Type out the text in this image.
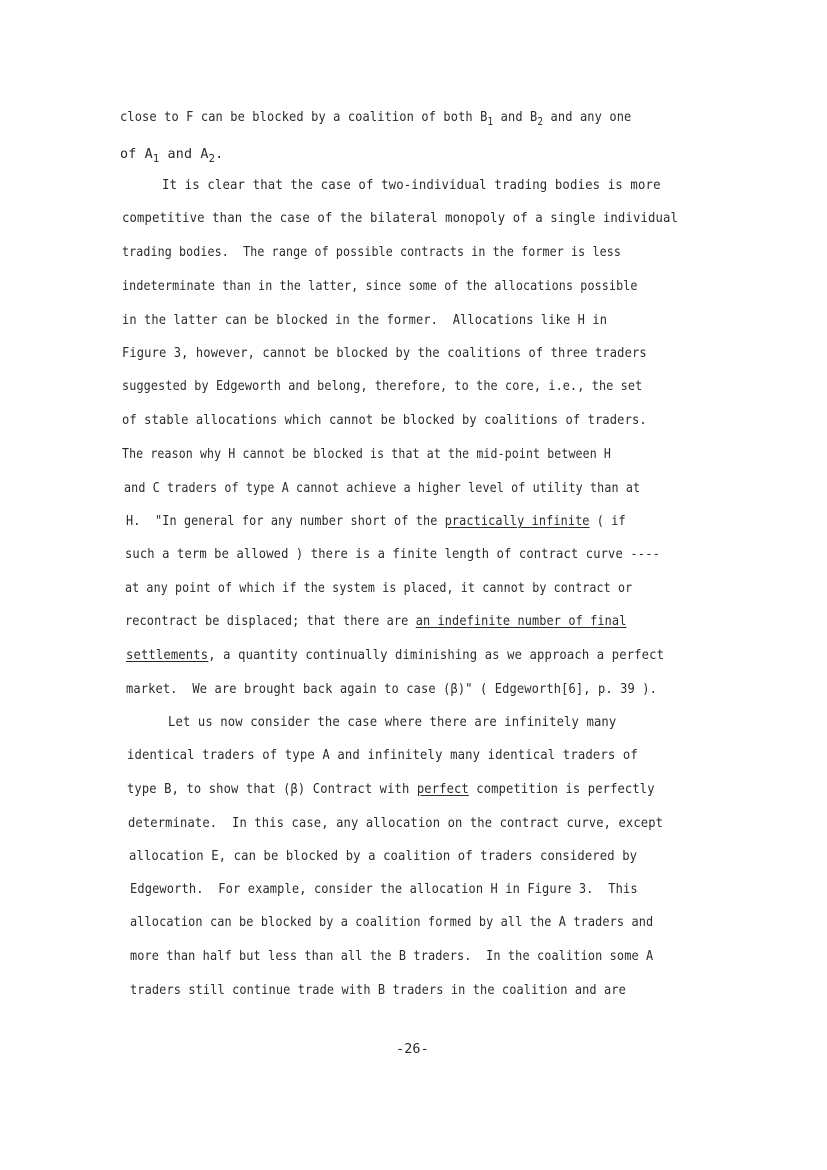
close to F can be blocked by a coalition of both $B_1$ and $B_2$ and any one
of $A_1$ and $A_2$.
It is clear that the case of two-individual trading bodies is more
competitive than the case of the bilateral monopoly of a single individual
trading bodies.  The range of possible contracts in the former is less
indeterminate than in the latter, since some of the allocations possible
in the latter can be blocked in the former.  Allocations like H in
Figure 3, however, cannot be blocked by the coalitions of three traders
suggested by Edgeworth and belong, therefore, to the core, i.e., the set
of stable allocations which cannot be blocked by coalitions of traders.
The reason why H cannot be blocked is that at the mid-point between H
and C traders of type A cannot achieve a higher level of utility than at
H.  "In general for any number short of the practically infinite ( if
such a term be allowed ) there is a finite length of contract curve ----
at any point of which if the system is placed, it cannot by contract or
recontract be displaced; that there are an indefinite number of final
settlements, a quantity continually diminishing as we approach a perfect
market.  We are brought back again to case (β)" ( Edgeworth[6], p. 39 ).
Let us now consider the case where there are infinitely many
identical traders of type A and infinitely many identical traders of
type B, to show that (β) Contract with perfect competition is perfectly
determinate.  In this case, any allocation on the contract curve, except
allocation E, can be blocked by a coalition of traders considered by
Edgeworth.  For example, consider the allocation H in Figure 3.  This
allocation can be blocked by a coalition formed by all the A traders and
more than half but less than all the B traders.  In the coalition some A
traders still continue trade with B traders in the coalition and are
-26-
